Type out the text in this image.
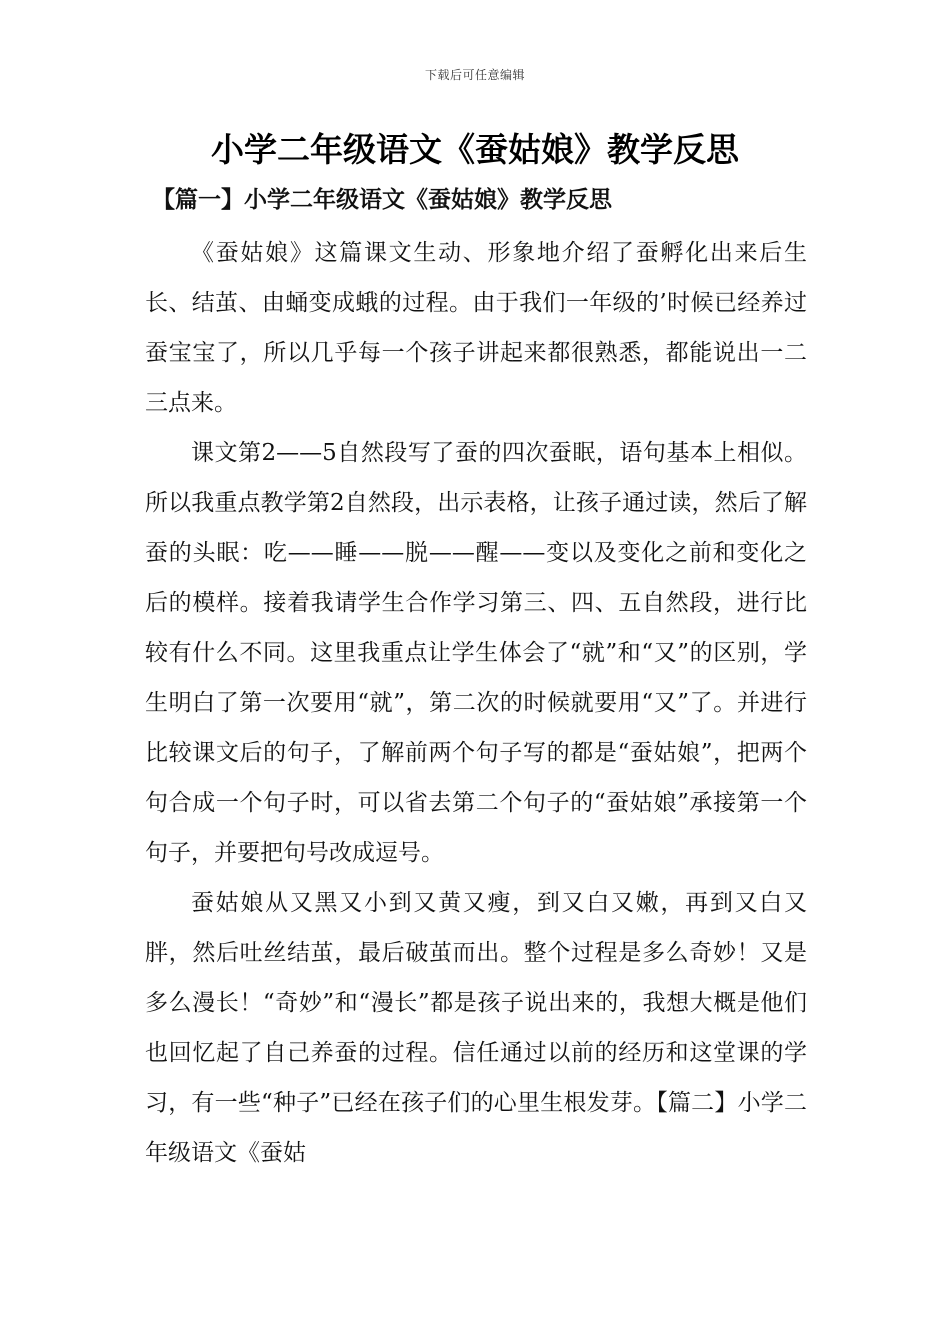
下载后可任意编辑
小学二年级语文《蚕姑娘》教学反思
【篇一】小学二年级语文《蚕姑娘》教学反思

《蚕姑娘》这篇课文生动、形象地介绍了蚕孵化出来后生长、结茧、由蛹变成蛾的过程。由于我们一年级的’时候已经养过蚕宝宝了，所以几乎每一个孩子讲起来都很熟悉，都能说出一二三点来。

课文第2——5自然段写了蚕的四次蚕眠，语句基本上相似。所以我重点教学第2自然段，出示表格，让孩子通过读，然后了解蚕的头眠：吃——睡——脱——醒——变以及变化之前和变化之后的模样。接着我请学生合作学习第三、四、五自然段，进行比较有什么不同。这里我重点让学生体会了“就”和“又”的区别，学生明白了第一次要用“就”，第二次的时候就要用“又”了。并进行比较课文后的句子，了解前两个句子写的都是“蚕姑娘”，把两个句合成一个句子时，可以省去第二个句子的“蚕姑娘”承接第一个句子，并要把句号改成逗号。

蚕姑娘从又黑又小到又黄又瘦，到又白又嫩，再到又白又胖，然后吐丝结茧，最后破茧而出。整个过程是多么奇妙！又是多么漫长！“奇妙”和“漫长”都是孩子说出来的，我想大概是他们也回忆起了自己养蚕的过程。信任通过以前的经历和这堂课的学习，有一些“种子”已经在孩子们的心里生根发芽。【篇二】小学二年级语文《蚕姑
